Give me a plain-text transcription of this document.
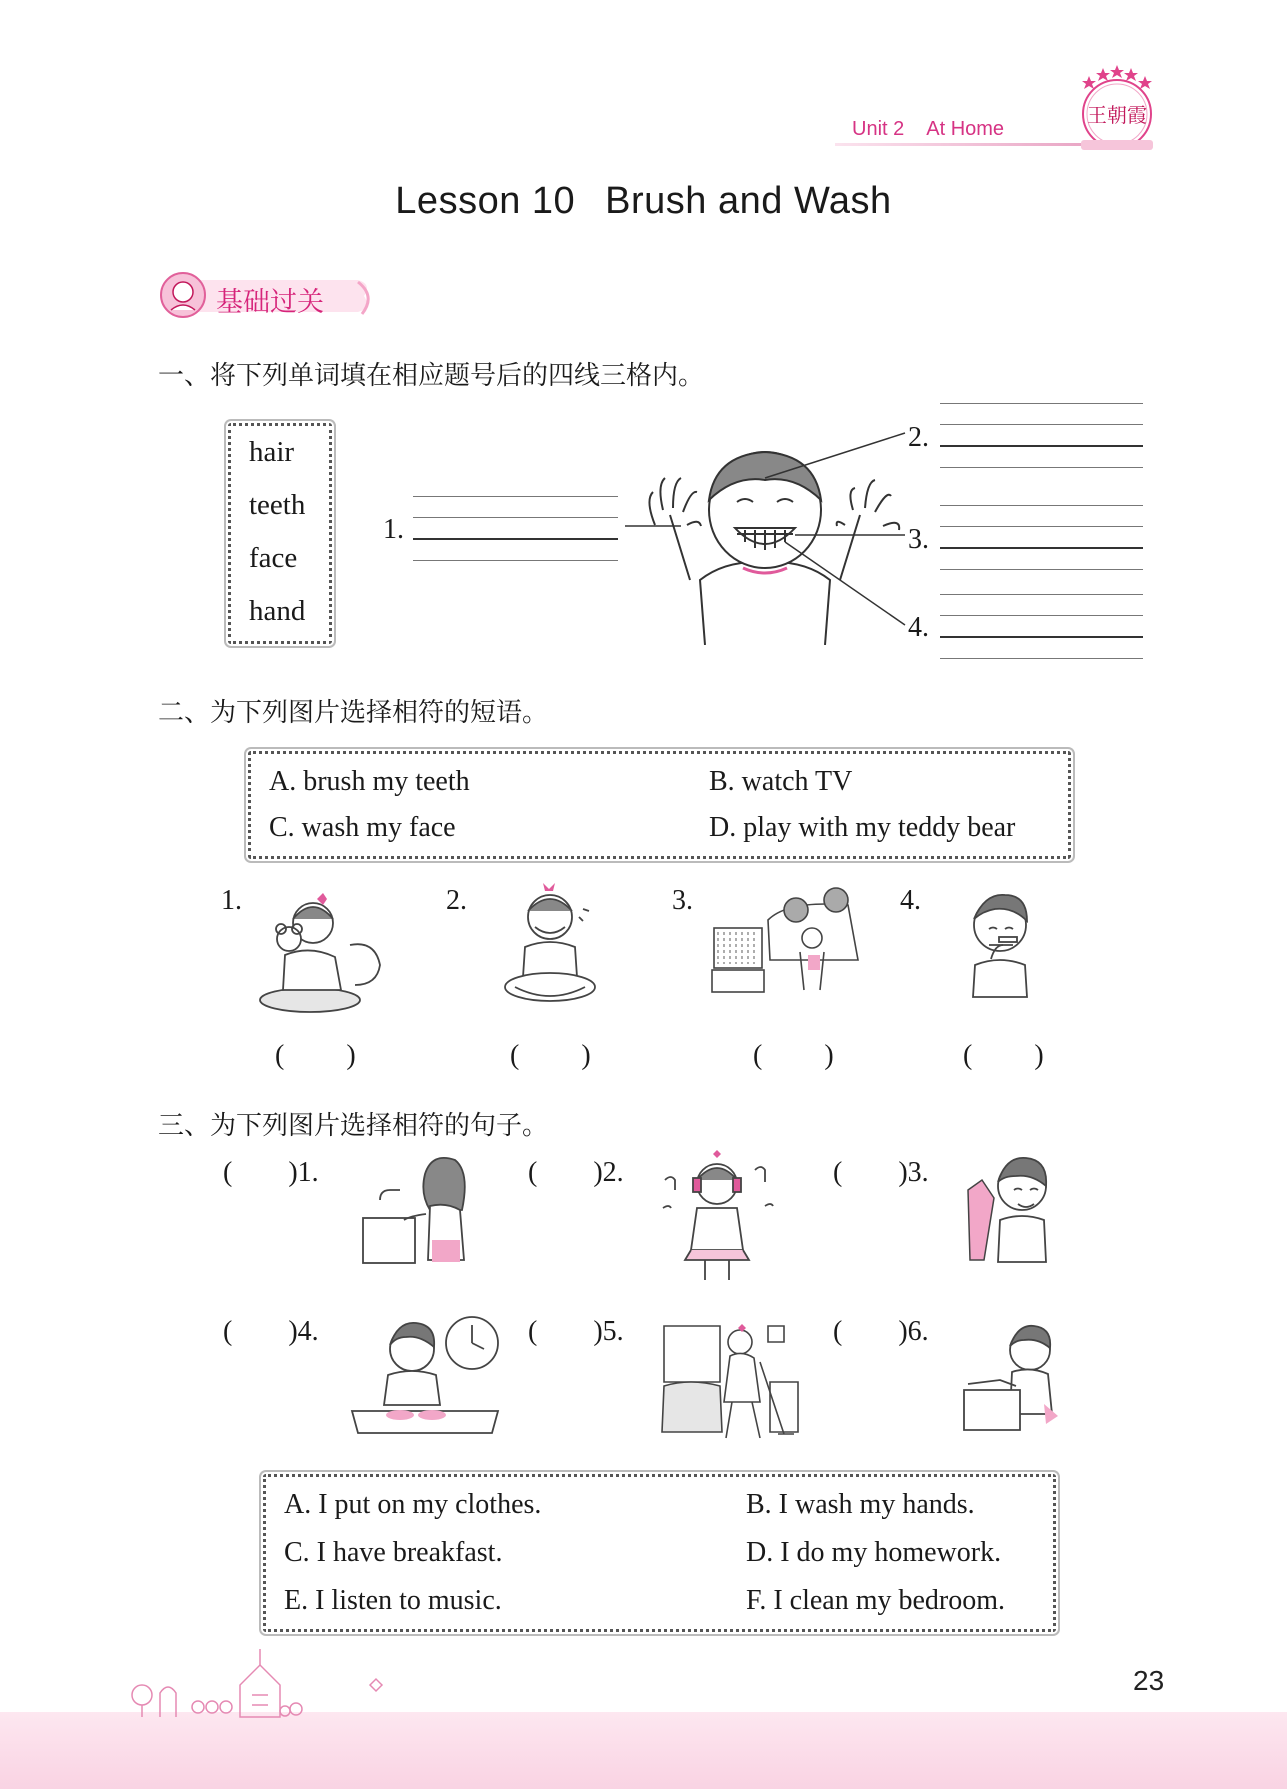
Unit 2 At Home
王朝霞
Lesson 10 Brush and Wash
基础过关
一、将下列单词填在相应题号后的四线三格内。
hair
teeth
face
hand
1.
2.
3.
4.
二、为下列图片选择相符的短语。
A. brush my teeth	B. watch TV
C. wash my face	D. play with my teddy bear
1.
(  )
2.
(  )
3.
(  )
4.
(  )
三、为下列图片选择相符的句子。
(  )1.	(  )2.	(  )3.
(  )4.	(  )5.	(  )6.
A. I put on my clothes.	B. I wash my hands.
C. I have breakfast.	D. I do my homework.
E. I listen to music.	F. I clean my bedroom.
23
